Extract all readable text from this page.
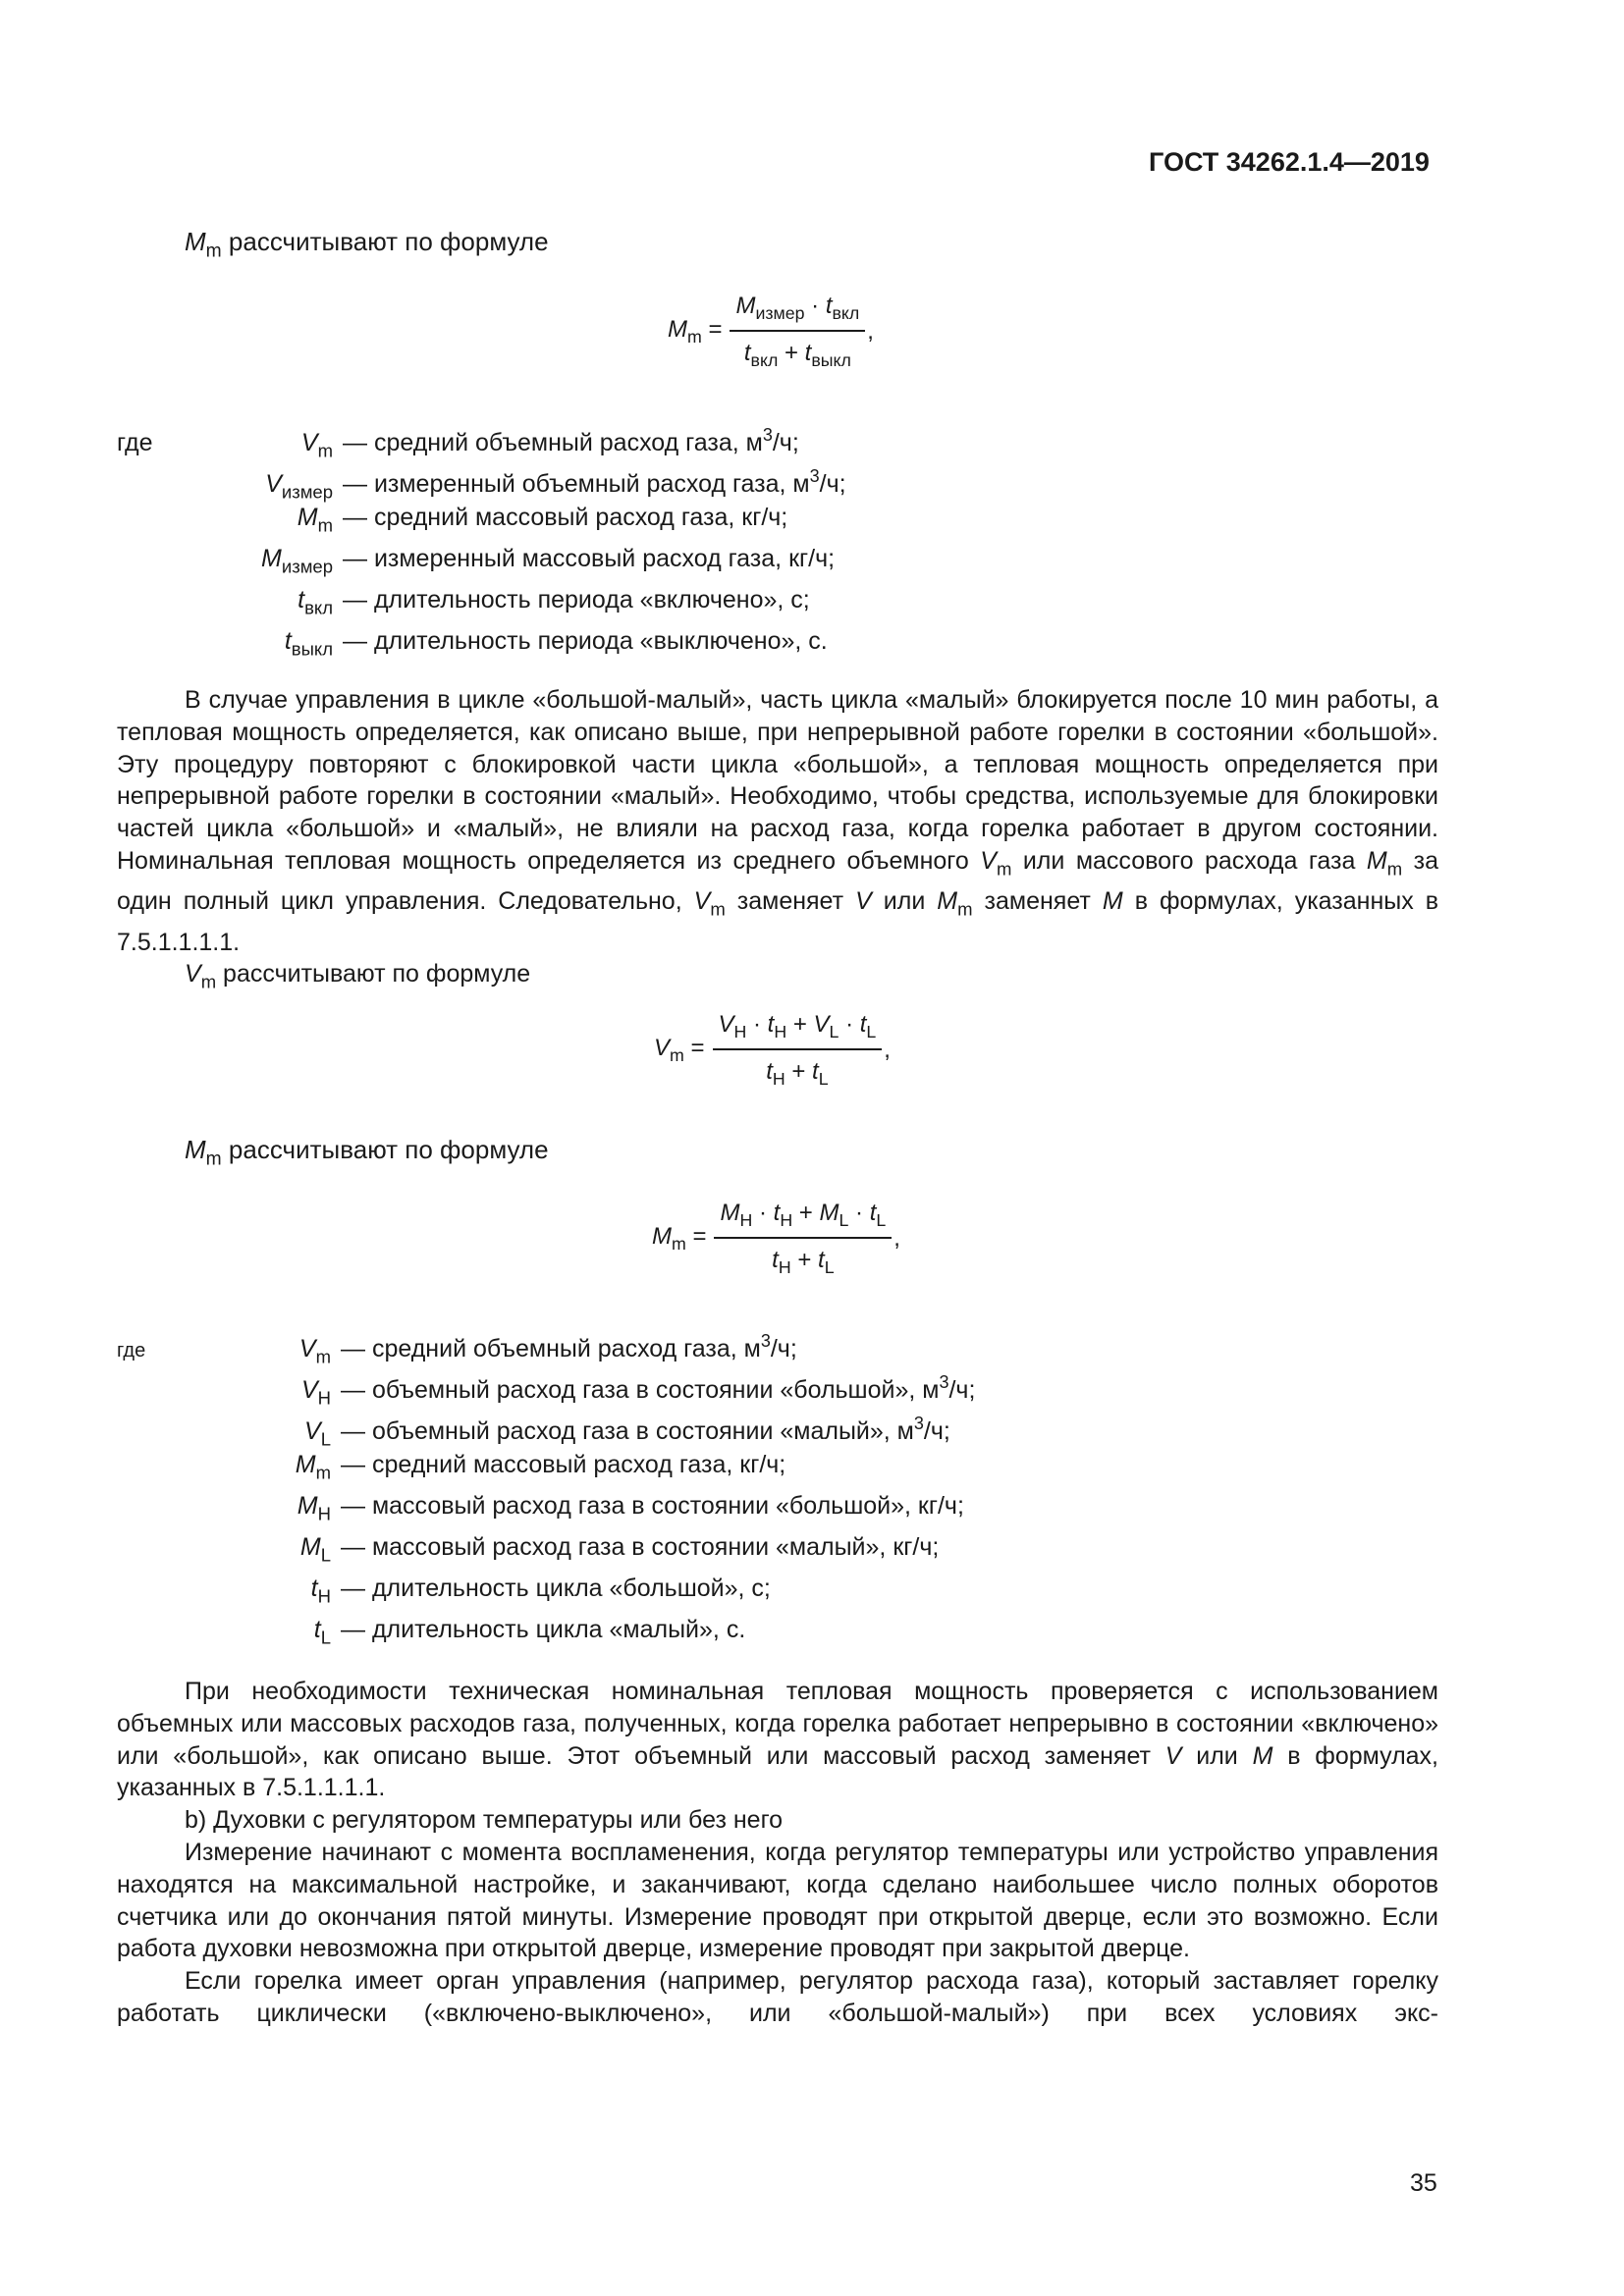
ГОСТ 34262.1.4—2019
$M_m$ рассчитывают по формуле
$M_m = \frac{M_{измер} \cdot t_{вкл}}{t_{вкл} + t_{выкл}}$ ,
где	$V_m$ — средний объемный расход газа, $м^3/ч$;
$V_{измер}$ — измеренный объемный расход газа, $м^3/ч$;
$M_m$ — средний массовый расход газа, кг/ч;
$M_{измер}$ — измеренный массовый расход газа, кг/ч;
$t_{вкл}$ — длительность периода «включено», с;
$t_{выкл}$ — длительность периода «выключено», с.

В случае управления в цикле «большой-малый», часть цикла «малый» блокируется после 10 мин работы, а тепловая мощность определяется, как описано выше, при непрерывной работе горелки в состоянии «большой». Эту процедуру повторяют с блокировкой части цикла «большой», а тепловая мощность определяется при непрерывной работе горелки в состоянии «малый». Необходимо, чтобы средства, используемые для блокировки частей цикла «большой» и «малый», не влияли на расход газа, когда горелка работает в другом состоянии. Номинальная тепловая мощность определяется из среднего объемного $V_m$ или массового расхода газа $M_m$ за один полный цикл управления. Следовательно, $V_m$ заменяет V или $M_m$ заменяет M в формулах, указанных в 7.5.1.1.1.1.

$V_m$ рассчитывают по формуле

$V_m = \frac{V_H \cdot t_H + V_L \cdot t_L}{t_H + t_L}$ ,
$M_m$ рассчитывают по формуле
$M_m = \frac{M_H \cdot t_H + M_L \cdot t_L}{t_H + t_L}$ ,
где	$V_m$ — средний объемный расход газа, $м^3/ч$;
$V_H$ — объемный расход газа в состоянии «большой», $м^3/ч$;
$V_L$ — объемный расход газа в состоянии «малый», $м^3/ч$;
$M_m$ — средний массовый расход газа, кг/ч;
$M_H$ — массовый расход газа в состоянии «большой», кг/ч;
$M_L$ — массовый расход газа в состоянии «малый», кг/ч;
$t_H$ — длительность цикла «большой», с;
$t_L$ — длительность цикла «малый», с.

При необходимости техническая номинальная тепловая мощность проверяется с использованием объемных или массовых расходов газа, полученных, когда горелка работает непрерывно в состоянии «включено» или «большой», как описано выше. Этот объемный или массовый расход заменяет V или M в формулах, указанных в 7.5.1.1.1.1.

b) Духовки с регулятором температуры или без него

Измерение начинают с момента воспламенения, когда регулятор температуры или устройство управления находятся на максимальной настройке, и заканчивают, когда сделано наибольшее число полных оборотов счетчика или до окончания пятой минуты. Измерение проводят при открытой дверце, если это возможно. Если работа духовки невозможна при открытой дверце, измерение проводят при закрытой дверце.

Если горелка имеет орган управления (например, регулятор расхода газа), который заставляет горелку работать циклически («включено-выключено», или «большой-малый») при всех условиях экс-

35
